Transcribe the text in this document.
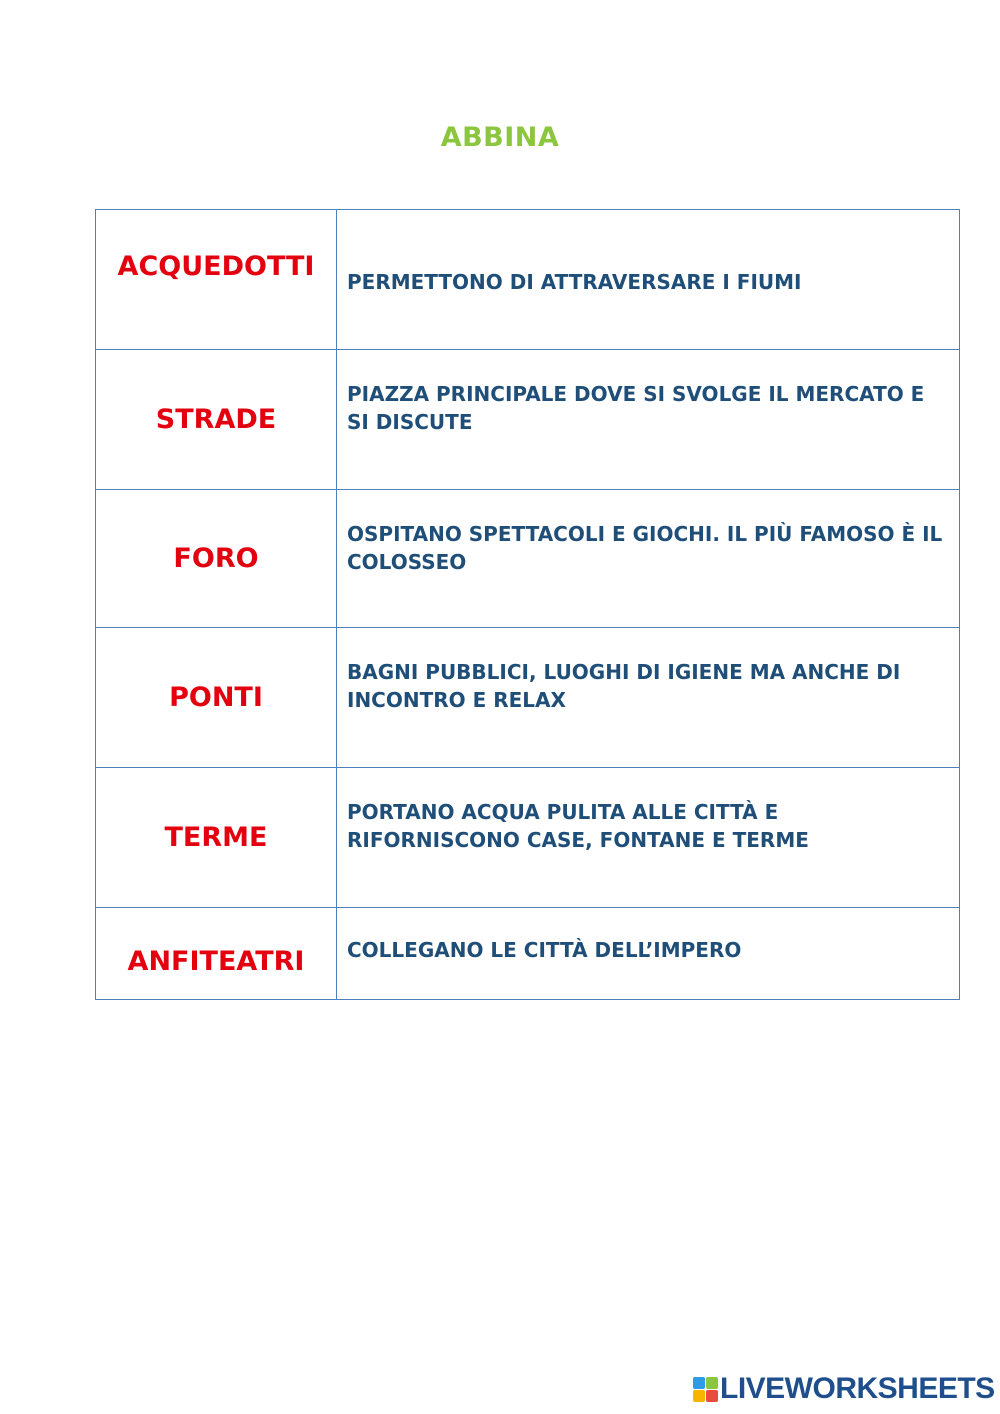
ABBINA
ACQUEDOTTI	PERMETTONO DI ATTRAVERSARE I FIUMI

STRADE	PIAZZA PRINCIPALE DOVE SI SVOLGE IL MERCATO E SI DISCUTE

FORO	OSPITANO SPETTACOLI E GIOCHI. IL PIÙ FAMOSO È IL COLOSSEO

PONTI	BAGNI PUBBLICI, LUOGHI DI IGIENE MA ANCHE DI INCONTRO E RELAX

TERME	PORTANO ACQUA PULITA ALLE CITTÀ E RIFORNISCONO CASE, FONTANE E TERME

ANFITEATRI	COLLEGANO LE CITTÀ DELL’IMPERO
LIVEWORKSHEETS
